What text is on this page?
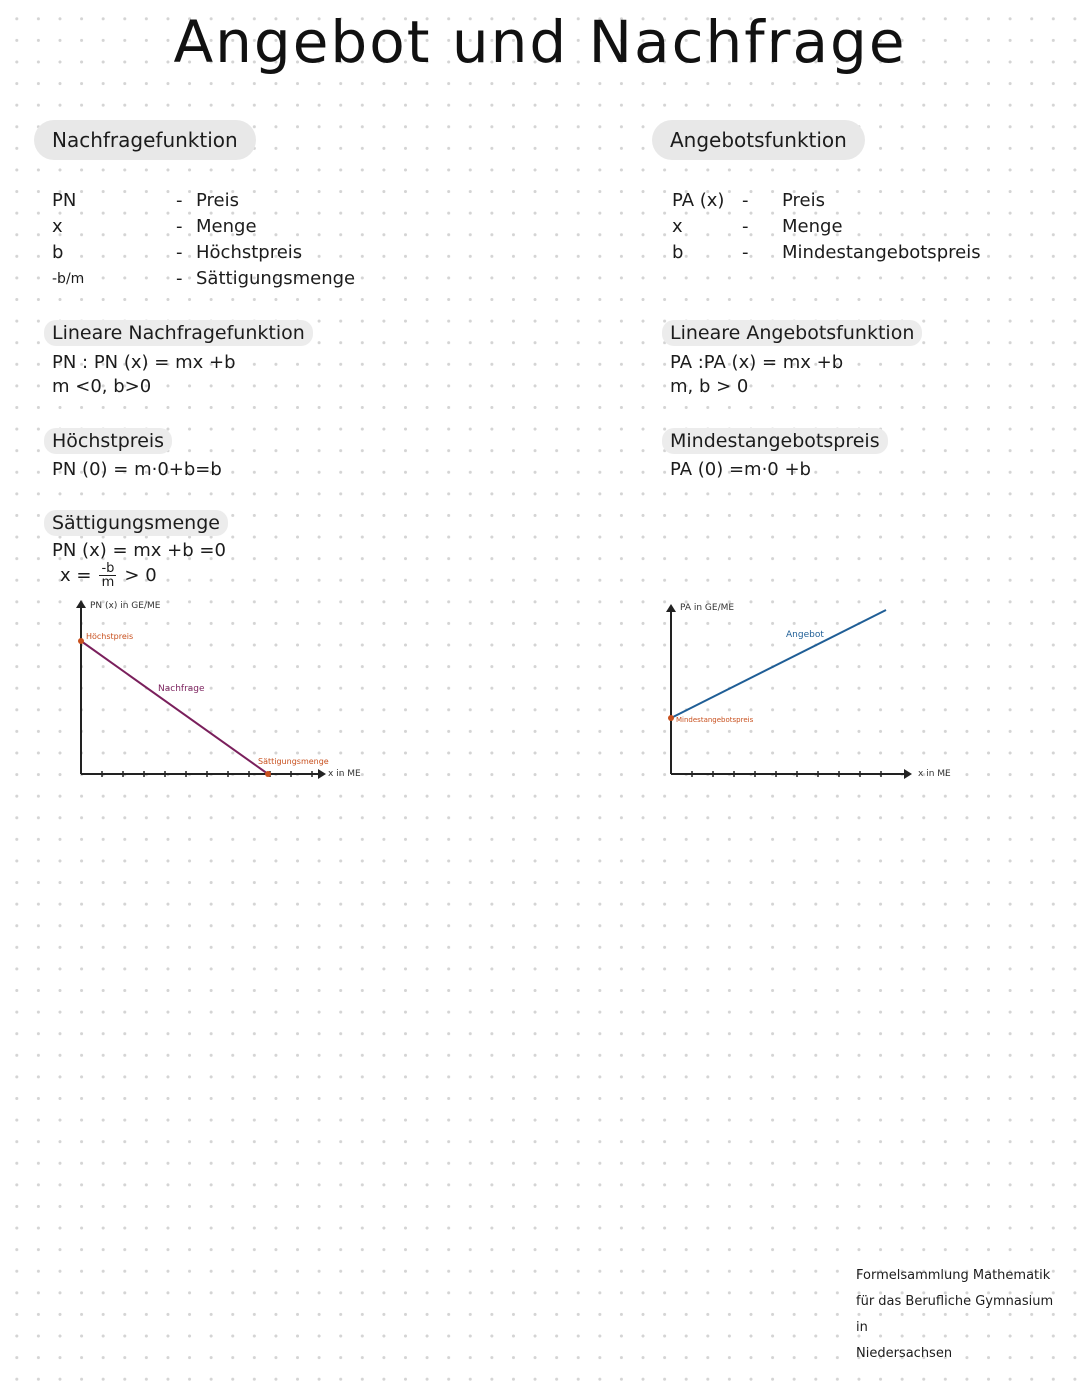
Angebot und Nachfrage
Nachfragefunktion
PN	- Preis
x	- Menge
b	- Höchstpreis
-b/m	- Sättigungsmenge
Lineare Nachfragefunktion
PN : PN (x) = mx +b
m <0, b>0
Höchstpreis
PN (0) = m·0+b=b
Sättigungsmenge
PN (x) = mx +b =0
$x = \frac{-b}{m} > 0$
PN (x) in GE/ME
Höchstpreis
Nachfrage
Sättigungsmenge
x in ME
Angebotsfunktion
PA (x) -	Preis
x	-	Menge
b	-	Mindestangebotspreis
Lineare Angebotsfunktion
PA :PA (x) = mx +b
m, b > 0
Mindestangebotspreis
PA (0) =m·0 +b
PA in GE/ME
Mindestangebotspreis
Angebot
x in ME
Formelsammlung Mathematik
für das Berufliche Gymnasium in
Niedersachsen
